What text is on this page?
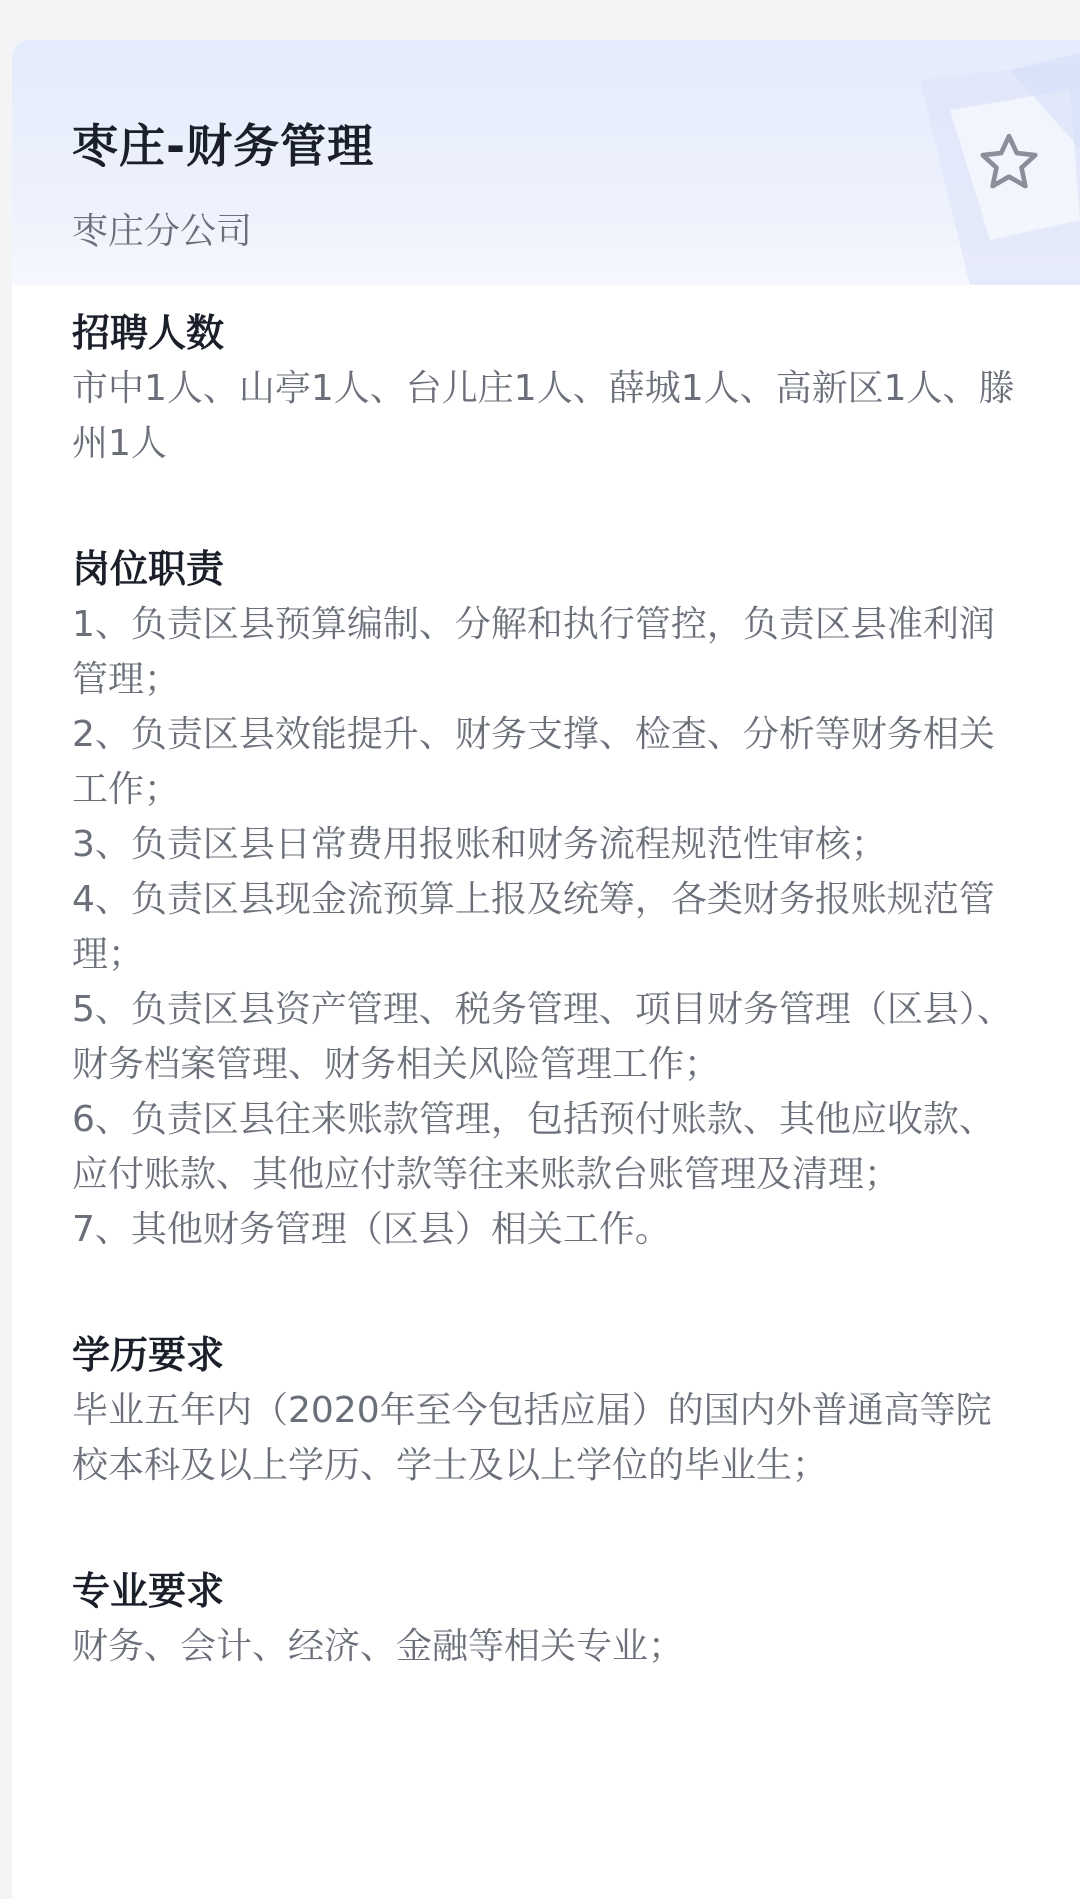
枣庄-财务管理
枣庄分公司
招聘人数
市中1人、山亭1人、台儿庄1人、薛城1人、高新区1人、滕州1人
岗位职责
1、负责区县预算编制、分解和执行管控，负责区县准利润管理；
2、负责区县效能提升、财务支撑、检查、分析等财务相关工作；
3、负责区县日常费用报账和财务流程规范性审核；
4、负责区县现金流预算上报及统筹，各类财务报账规范管理；
5、负责区县资产管理、税务管理、项目财务管理（区县）、财务档案管理、财务相关风险管理工作；
6、负责区县往来账款管理，包括预付账款、其他应收款、应付账款、其他应付款等往来账款台账管理及清理；
7、其他财务管理（区县）相关工作。
学历要求
毕业五年内（2020年至今包括应届）的国内外普通高等院校本科及以上学历、学士及以上学位的毕业生；
专业要求
财务、会计、经济、金融等相关专业；
